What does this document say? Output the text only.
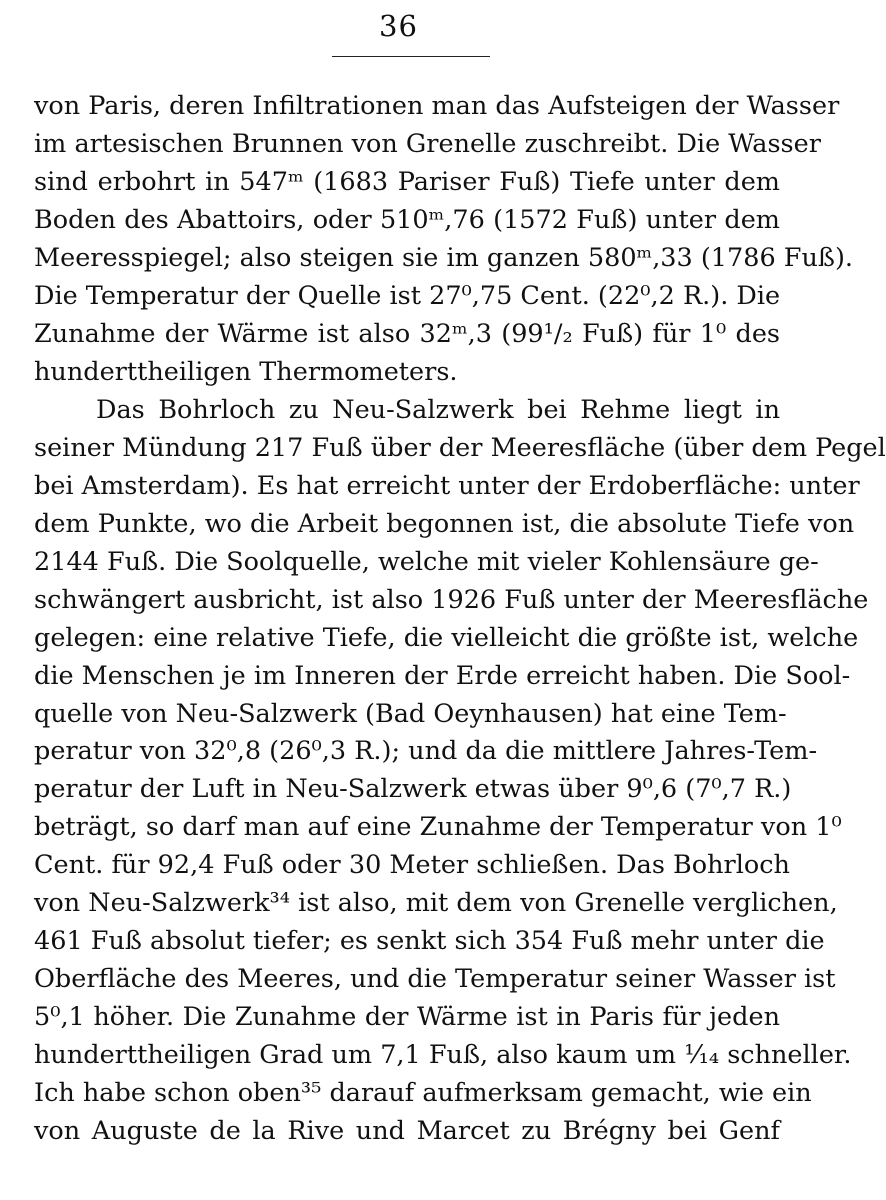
36
von Paris, deren Infiltrationen man das Aufsteigen der Wasser
im artesischen Brunnen von Grenelle zuschreibt. Die Wasser
sind erbohrt in 547ᵐ (1683 Pariser Fuß) Tiefe unter dem
Boden des Abattoirs, oder 510ᵐ,76 (1572 Fuß) unter dem
Meeresspiegel; also steigen sie im ganzen 580ᵐ,33 (1786 Fuß).
Die Temperatur der Quelle ist 27⁰,75 Cent. (22⁰,2 R.). Die
Zunahme der Wärme ist also 32ᵐ,3 (99¹/₂ Fuß) für 1⁰ des
hunderttheiligen Thermometers.
Das Bohrloch zu Neu-Salzwerk bei Rehme liegt in
seiner Mündung 217 Fuß über der Meeresfläche (über dem Pegel
bei Amsterdam). Es hat erreicht unter der Erdoberfläche: unter
dem Punkte, wo die Arbeit begonnen ist, die absolute Tiefe von
2144 Fuß. Die Soolquelle, welche mit vieler Kohlensäure ge-
schwängert ausbricht, ist also 1926 Fuß unter der Meeresfläche
gelegen: eine relative Tiefe, die vielleicht die größte ist, welche
die Menschen je im Inneren der Erde erreicht haben. Die Sool-
quelle von Neu-Salzwerk (Bad Oeynhausen) hat eine Tem-
peratur von 32⁰,8 (26⁰,3 R.); und da die mittlere Jahres-Tem-
peratur der Luft in Neu-Salzwerk etwas über 9⁰,6 (7⁰,7 R.)
beträgt, so darf man auf eine Zunahme der Temperatur von 1⁰
Cent. für 92,4 Fuß oder 30 Meter schließen. Das Bohrloch
von Neu-Salzwerk³⁴ ist also, mit dem von Grenelle verglichen,
461 Fuß absolut tiefer; es senkt sich 354 Fuß mehr unter die
Oberfläche des Meeres, und die Temperatur seiner Wasser ist
5⁰,1 höher. Die Zunahme der Wärme ist in Paris für jeden
hunderttheiligen Grad um 7,1 Fuß, also kaum um ¹⁄₁₄ schneller.
Ich habe schon oben³⁵ darauf aufmerksam gemacht, wie ein
von Auguste de la Rive und Marcet zu Brégny bei Genf
